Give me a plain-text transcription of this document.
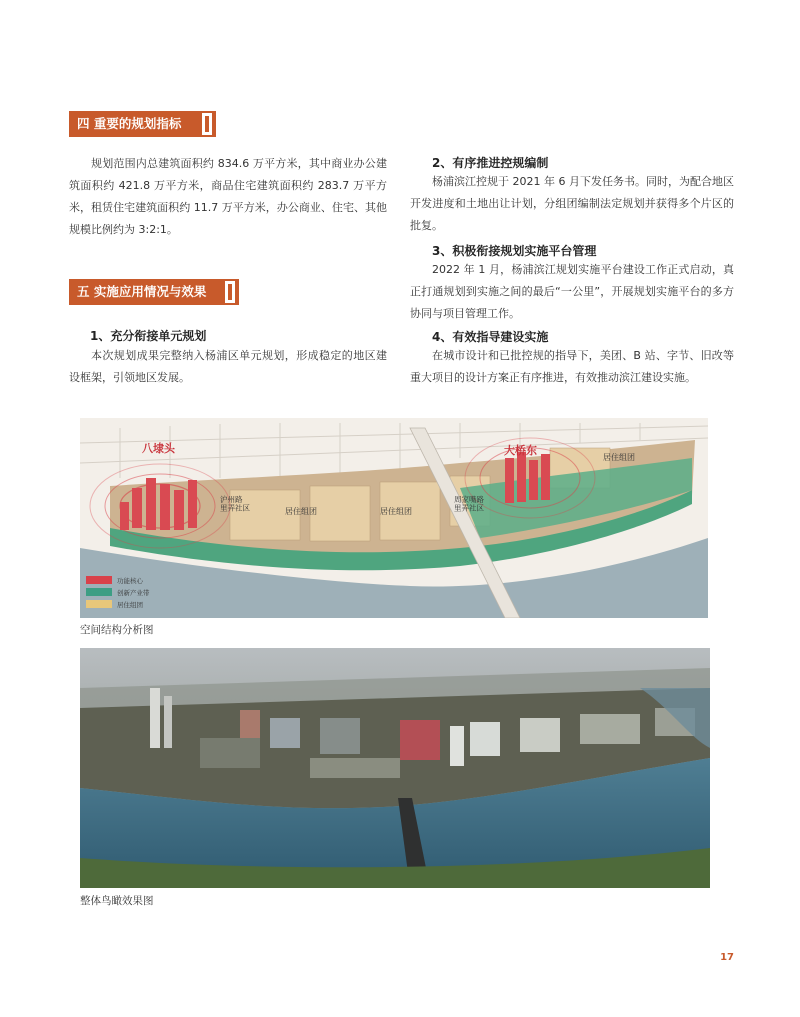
四 重要的规划指标

规划范围内总建筑面积约 834.6 万平方米，其中商业办公建筑面积约 421.8 万平方米，商品住宅建筑面积约 283.7 万平方米，租赁住宅建筑面积约 11.7 万平方米，办公商业、住宅、其他规模比例约为 3:2:1。

五 实施应用情况与效果

1、充分衔接单元规划

本次规划成果完整纳入杨浦区单元规划，形成稳定的地区建设框架，引领地区发展。

2、有序推进控规编制

杨浦滨江控规于 2021 年 6 月下发任务书。同时，为配合地区开发进度和土地出让计划，分组团编制法定规划并获得多个片区的批复。

3、积极衔接规划实施平台管理

2022 年 1 月，杨浦滨江规划实施平台建设工作正式启动，真正打通规划到实施之间的最后“一公里”，开展规划实施平台的多方协同与项目管理工作。

4、有效指导建设实施

在城市设计和已批控规的指导下，美团、B 站、字节、旧改等重大项目的设计方案正有序推进，有效推动滨江建设实施。

八埭头	大桥东
沪州路里弄社区
周家嘴路里弄社区
居住组团	居住组团
居住组团
功能核心
创新产业带
居住组团
空间结构分析图
整体鸟瞰效果图
17
